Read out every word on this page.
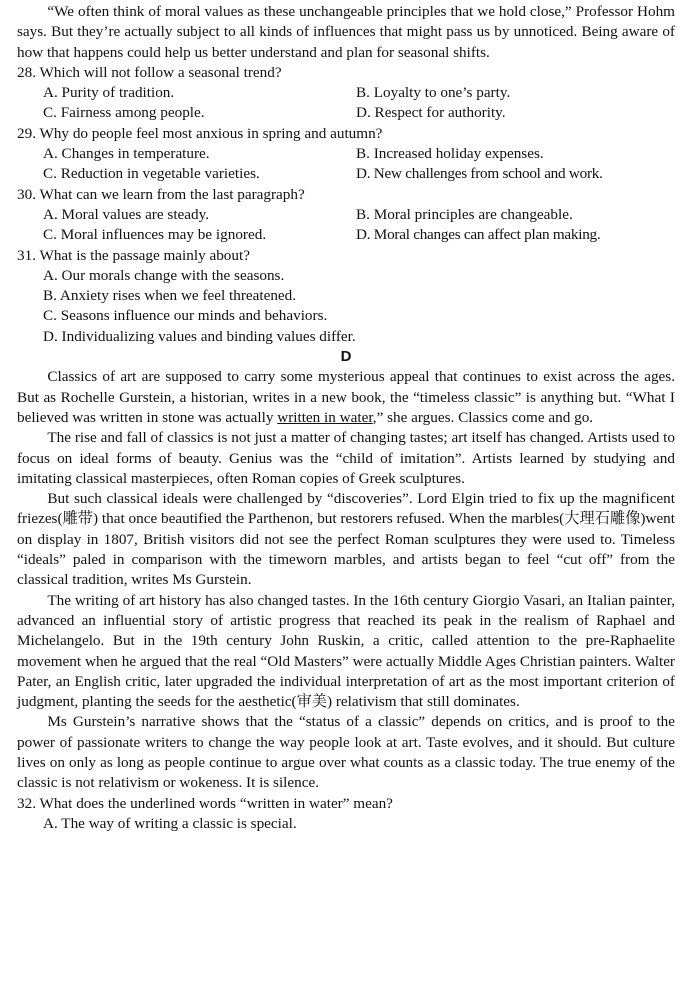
“We often think of moral values as these unchangeable principles that we hold close,” Professor Hohm says. But they’re actually subject to all kinds of influences that might pass us by unnoticed. Being aware of how that happens could help us better understand and plan for seasonal shifts.

28. Which will not follow a seasonal trend?
A. Purity of tradition.	B. Loyalty to one’s party.
C. Fairness among people.	D. Respect for authority.
29. Why do people feel most anxious in spring and autumn?
A. Changes in temperature.	B. Increased holiday expenses.
C. Reduction in vegetable varieties.	D. New challenges from school and work.
30. What can we learn from the last paragraph?
A. Moral values are steady.	B. Moral principles are changeable.
C. Moral influences may be ignored.	D. Moral changes can affect plan making.
31. What is the passage mainly about?
A. Our morals change with the seasons.
B. Anxiety rises when we feel threatened.
C. Seasons influence our minds and behaviors.
D. Individualizing values and binding values differ.
D

Classics of art are supposed to carry some mysterious appeal that continues to exist across the ages. But as Rochelle Gurstein, a historian, writes in a new book, the “timeless classic” is anything but. “What I believed was written in stone was actually written in water,” she argues. Classics come and go.

The rise and fall of classics is not just a matter of changing tastes; art itself has changed. Artists used to focus on ideal forms of beauty. Genius was the “child of imitation”. Artists learned by studying and imitating classical masterpieces, often Roman copies of Greek sculptures.

But such classical ideals were challenged by “discoveries”. Lord Elgin tried to fix up the magnificent friezes(雕带) that once beautified the Parthenon, but restorers refused. When the marbles(大理石雕像)went on display in 1807, British visitors did not see the perfect Roman sculptures they were used to. Timeless “ideals” paled in comparison with the timeworn marbles, and artists began to feel “cut off” from the classical tradition, writes Ms Gurstein.

The writing of art history has also changed tastes. In the 16th century Giorgio Vasari, an Italian painter, advanced an influential story of artistic progress that reached its peak in the realism of Raphael and Michelangelo. But in the 19th century John Ruskin, a critic, called attention to the pre-Raphaelite movement when he argued that the real “Old Masters” were actually Middle Ages Christian painters. Walter Pater, an English critic, later upgraded the individual interpretation of art as the most important criterion of judgment, planting the seeds for the aesthetic(审美) relativism that still dominates.

Ms Gurstein’s narrative shows that the “status of a classic” depends on critics, and is proof to the power of passionate writers to change the way people look at art. Taste evolves, and it should. But culture lives on only as long as people continue to argue over what counts as a classic today. The true enemy of the classic is not relativism or wokeness. It is silence.

32. What does the underlined words “written in water” mean?
A. The way of writing a classic is special.
